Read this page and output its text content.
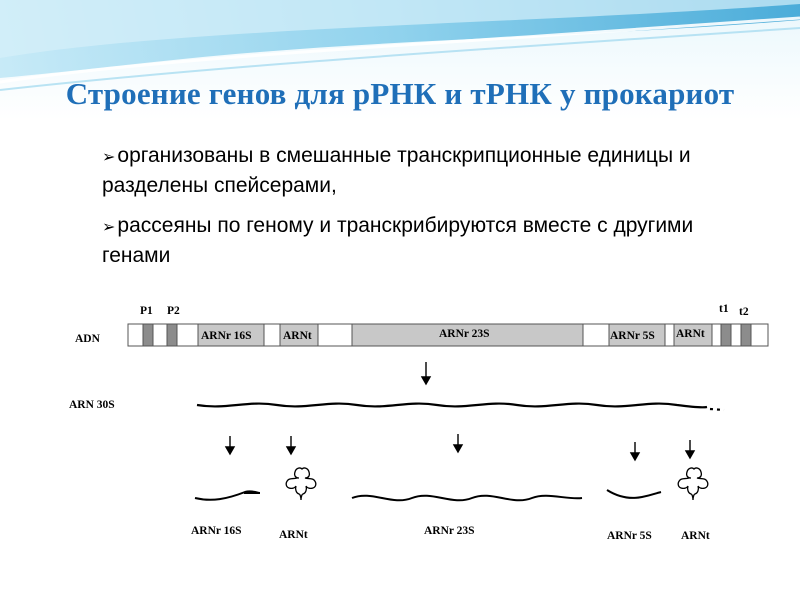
Строение генов для рРНК и тРНК у прокариот
➢организованы в смешанные транскрипционные единицы и разделены спейсерами,
➢рассеяны по геному и транскрибируются вместе с другими генами
ADN
ARN 30S
P1 P2
ARNr 16S	ARNt	ARNr 23S	ARNr 5S ARNt
t1 t2
ARNr 16S	ARNt	ARNr 23S	ARNr 5S	ARNt
